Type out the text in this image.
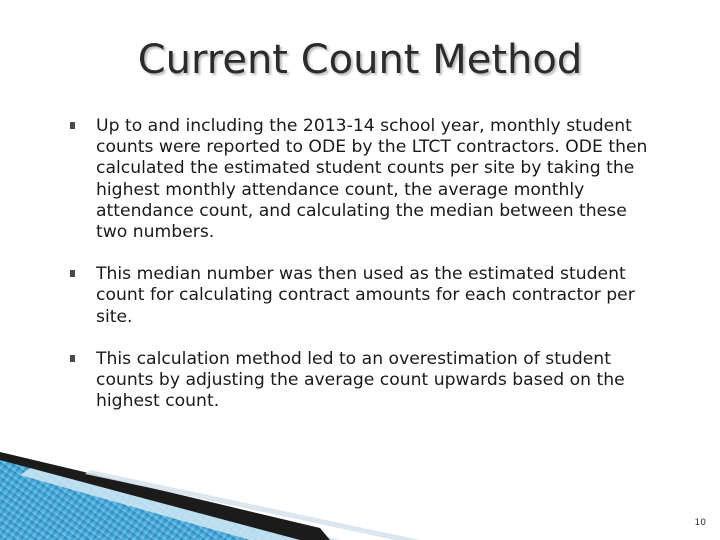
Current Count Method
Up to and including the 2013-14 school year, monthly student counts were reported to ODE by the LTCT contractors. ODE then calculated the estimated student counts per site by taking the highest monthly attendance count, the average monthly attendance count, and calculating the median between these two numbers.
This median number was then used as the estimated student count for calculating contract amounts for each contractor per site.
This calculation method led to an overestimation of student counts by adjusting the average count upwards based on the highest count.
10
